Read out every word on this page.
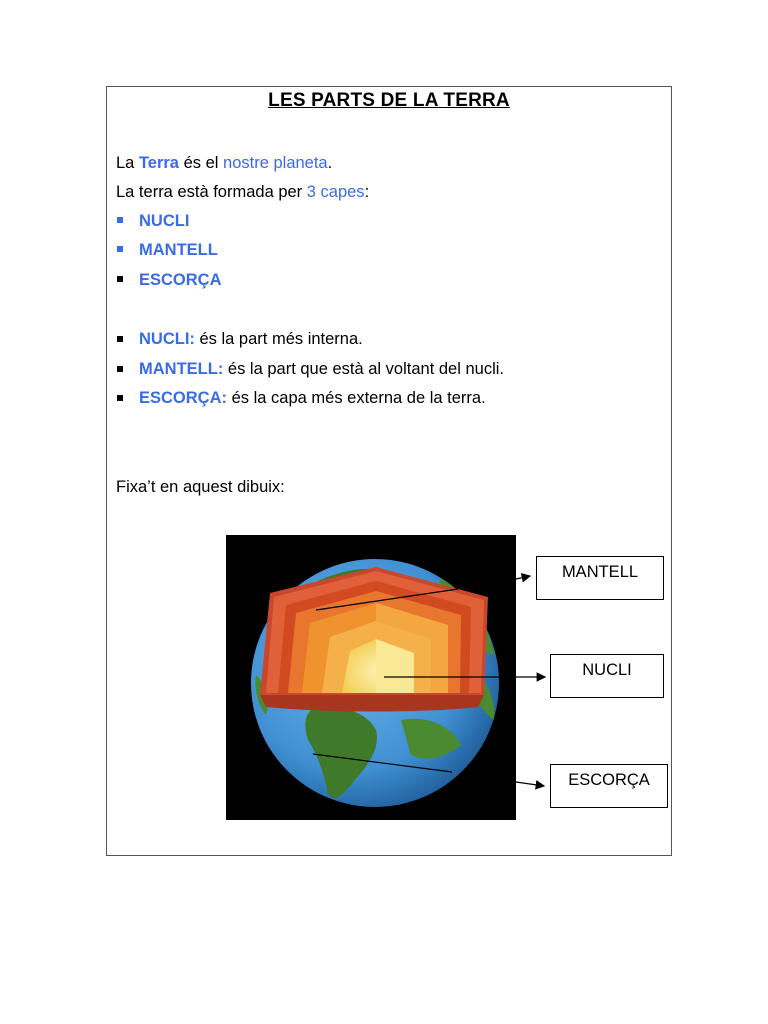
LES PARTS DE LA TERRA
La Terra és el nostre planeta.
La terra està formada per 3 capes:
NUCLI
MANTELL
ESCORÇA
NUCLI: és la part més interna.
MANTELL: és la part que està al voltant del nucli.
ESCORÇA: és la capa més externa de la terra.
Fixa’t en aquest dibuix:
MANTELL
NUCLI
ESCORÇA
